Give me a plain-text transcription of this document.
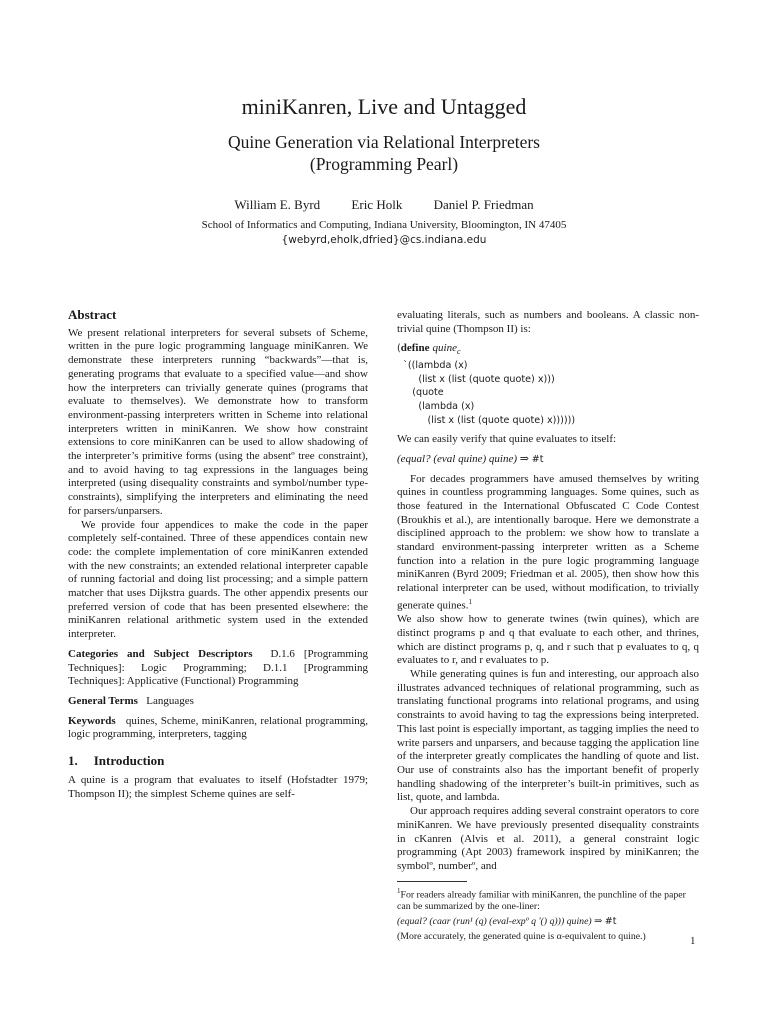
miniKanren, Live and Untagged
Quine Generation via Relational Interpreters
(Programming Pearl)
William E. Byrd Eric Holk Daniel P. Friedman
School of Informatics and Computing, Indiana University, Bloomington, IN 47405
{webyrd,eholk,dfried}@cs.indiana.edu
Abstract

We present relational interpreters for several subsets of Scheme, written in the pure logic programming language miniKanren. We demonstrate these interpreters running “backwards”—that is, generating programs that evaluate to a specified value—and show how the interpreters can trivially generate quines (programs that evaluate to themselves). We demonstrate how to transform environment-passing interpreters written in Scheme into relational interpreters written in miniKanren. We show how constraint extensions to core miniKanren can be used to allow shadowing of the interpreter’s primitive forms (using the absentº tree constraint), and to avoid having to tag expressions in the languages being interpreted (using disequality constraints and symbol/number type-constraints), simplifying the interpreters and eliminating the need for parsers/unparsers.

We provide four appendices to make the code in the paper completely self-contained. Three of these appendices contain new code: the complete implementation of core miniKanren extended with the new constraints; an extended relational interpreter capable of running factorial and doing list processing; and a simple pattern matcher that uses Dijkstra guards. The other appendix presents our preferred version of code that has been presented elsewhere: the miniKanren relational arithmetic system used in the extended interpreter.

Categories and Subject Descriptors D.1.6 [Programming Techniques]: Logic Programming; D.1.1 [Programming Techniques]: Applicative (Functional) Programming

General Terms Languages

Keywords quines, Scheme, miniKanren, relational programming, logic programming, interpreters, tagging

1. Introduction

A quine is a program that evaluates to itself (Hofstadter 1979; Thompson II); the simplest Scheme quines are self-

evaluating literals, such as numbers and booleans. A classic non-trivial quine (Thompson II) is:

(define quine$_c$
`((lambda (x)
(list x (list (quote quote) x)))
(quote
(lambda (x)
(list x (list (quote quote) x))))))

We can easily verify that quine evaluates to itself:

(equal? (eval quine) quine) ⇒ #t

For decades programmers have amused themselves by writing quines in countless programming languages. Some quines, such as those featured in the International Obfuscated C Code Contest (Broukhis et al.), are intentionally baroque. Here we demonstrate a disciplined approach to the problem: we show how to translate a standard environment-passing interpreter written as a Scheme function into a relation in the pure logic programming language miniKanren (Byrd 2009; Friedman et al. 2005), then show how this relational interpreter can be used, without modification, to trivially generate quines.$^1$

We also show how to generate twines (twin quines), which are distinct programs p and q that evaluate to each other, and thrines, which are distinct programs p, q, and r such that p evaluates to q, q evaluates to r, and r evaluates to p.

While generating quines is fun and interesting, our approach also illustrates advanced techniques of relational programming, such as translating functional programs into relational programs, and using constraints to avoid having to tag the expressions being interpreted. This last point is especially important, as tagging implies the need to write parsers and unparsers, and because tagging the application line of the interpreter greatly complicates the handling of quote and list. Our use of constraints also has the important benefit of properly handling shadowing of the interpreter’s built-in primitives, such as list, quote, and lambda.

Our approach requires adding several constraint operators to core miniKanren. We have previously presented disequality constraints in cKanren (Alvis et al. 2011), a general constraint logic programming (Apt 2003) framework inspired by miniKanren; the symbolº, numberº, and

$^1$For readers already familiar with miniKanren, the punchline of the paper can be summarized by the one-liner:

(equal? (caar (run¹ (q) (eval-expº q '() q))) quine) ⇒ #t

(More accurately, the generated quine is α-equivalent to quine.)	1
